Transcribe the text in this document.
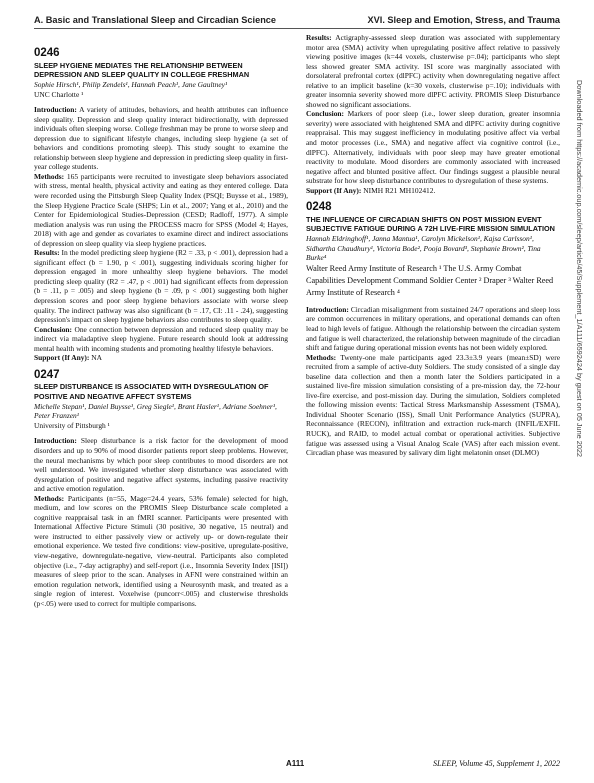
A. Basic and Translational Sleep and Circadian Science	XVI. Sleep and Emotion, Stress, and Trauma
0246
SLEEP HYGIENE MEDIATES THE RELATIONSHIP BETWEEN DEPRESSION AND SLEEP QUALITY IN COLLEGE FRESHMAN
Sophie Hirsch¹, Philip Zendels¹, Hannah Peach¹, Jane Gaultney¹
UNC Charlotte ¹

Introduction: A variety of attitudes, behaviors, and health attributes can influence sleep quality. Depression and sleep quality interact bidirectionally, with depressed individuals often sleeping worse. College freshman may be prone to worse sleep and depression due to significant lifestyle changes, including sleep hygiene (a set of behaviors and conditions promoting sleep). This study sought to examine the relationship between sleep hygiene and depression in predicting sleep quality in first-year college students.

Methods: 165 participants were recruited to investigate sleep behaviors associated with stress, mental health, physical activity and eating as they entered college. Data were recorded using the Pittsburgh Sleep Quality Index (PSQI; Buysse et al., 1989), the Sleep Hygiene Practice Scale (SHPS; Lin et al., 2007; Yang et al., 2010) and the Center for Epidemiological Studies-Depression (CESD; Radloff, 1977). A simple mediation analysis was run using the PROCESS macro for SPSS (Model 4; Hayes, 2018) with age and gender as covariates to examine direct and indirect associations of depression on sleep quality via sleep hygiene practices.

Results: In the model predicting sleep hygiene (R2 = .33, p < .001), depression had a significant effect (b = 1.90, p < .001), suggesting individuals scoring higher for depression engaged in more unhealthy sleep hygiene behaviors. The model predicting sleep quality (R2 = .47, p < .001) had significant effects from depression (b = .11, p = .005) and sleep hygiene (b = .09, p < .001) suggesting both higher depression scores and poor sleep hygiene behaviors associate with worse sleep quality. The indirect pathway was also significant (b = .17, CI: .11 - .24), suggesting depression's impact on sleep hygiene behaviors also contributes to sleep quality.

Conclusion: One connection between depression and reduced sleep quality may be indirect via maladaptive sleep hygiene. Future research should look at addressing mental health with incoming students and promoting healthy lifestyle behaviors.

Support (If Any): NA

0247
SLEEP DISTURBANCE IS ASSOCIATED WITH DYSREGULATION OF POSITIVE AND NEGATIVE AFFECT SYSTEMS
Michelle Stepan¹, Daniel Buysse¹, Greg Siegle¹, Brant Hasler¹, Adriane Soehner¹, Peter Franzen¹
University of Pittsburgh ¹

Introduction: Sleep disturbance is a risk factor for the development of mood disorders and up to 90% of mood disorder patients report sleep problems. However, the neural mechanisms by which poor sleep contributes to mood disorders are not well understood. We investigated whether sleep disturbance was associated with dysregulation of positive and negative affect systems, including passive reactivity and active emotion regulation.

Methods: Participants (n=55, Mage=24.4 years, 53% female) selected for high, medium, and low scores on the PROMIS Sleep Disturbance scale completed a cognitive reappraisal task in an fMRI scanner. Participants were presented with International Affective Picture Stimuli (30 positive, 30 negative, 15 neutral) and were instructed to either passively view or actively up- or down-regulate their emotional experience. We tested five conditions: view-positive, upregulate-positive, view-negative, downregulate-negative, view-neutral. Participants also completed objective (i.e., 7-day actigraphy) and self-report (i.e., Insomnia Severity Index [ISI]) measures of sleep prior to the scan. Analyses in AFNI were constrained within an emotion regulation network, identified using a Neurosynth mask, and treated as a single region of interest. Voxelwise (puncorr<.005) and clusterwise thresholds (p<.05) were used to correct for multiple comparisons.

Results: Actigraphy-assessed sleep duration was associated with supplementary motor area (SMA) activity when upregulating positive affect relative to passively viewing positive images (k=44 voxels, clusterwise p=.04); participants who slept less showed greater SMA activity. ISI score was marginally associated with dorsolateral prefrontal cortex (dlPFC) activity when downregulating negative affect relative to an implicit baseline (k=30 voxels, clusterwise p=.10); individuals with greater insomnia severity showed more dlPFC activity. PROMIS Sleep Disturbance showed no significant associations.

Conclusion: Markers of poor sleep (i.e., lower sleep duration, greater insomnia severity) were associated with heightened SMA and dlPFC activity during cognitive reappraisal. This may suggest inefficiency in modulating positive affect via verbal and motor processes (i.e., SMA) and negative affect via cognitive control (i.e., dlPFC). Alternatively, individuals with poor sleep may have greater emotional reactivity to modulate. Mood disorders are commonly associated with increased negative affect and blunted positive affect. Our findings suggest a plausible neural substrate for how sleep disturbance contributes to dysregulation of these systems.

Support (If Any): NIMH R21 MH102412.

0248
THE INFLUENCE OF CIRCADIAN SHIFTS ON POST MISSION EVENT SUBJECTIVE FATIGUE DURING A 72H LIVE-FIRE MISSION SIMULATION
Hannah Eldringhoff¹, Janna Mantua¹, Carolyn Mickelson¹, Kajsa Carlsson¹, Sidhartha Chaudhury¹, Victoria Bode², Pooja Bovard³, Stephanie Brown², Tina Burke⁴
Walter Reed Army Institute of Research ¹ The U.S. Army Combat Capabilities Development Command Soldier Center ² Draper ³ Walter Reed Army Institute of Research ⁴

Introduction: Circadian misalignment from sustained 24/7 operations and sleep loss are common occurrences in military operations, and operational demands can often lead to high levels of fatigue. Although the relationship between the circadian system and fatigue is well characterized, the relationship between magnitude of the circadian shift and fatigue during operational mission events has not been widely explored.

Methods: Twenty-one male participants aged 23.3±3.9 years (mean±SD) were recruited from a sample of active-duty Soldiers. The study consisted of a single day baseline data collection and then a month later the Soldiers participated in a sustained live-fire mission simulation consisting of a pre-mission day, the 72-hour live-fire exercise, and post-mission day. During the simulation, Soldiers completed the following mission events: Tactical Stress Marksmanship Assessment (TSMA), Individual Shooter Scenario (ISS), Small Unit Performance Analytics (SUPRA), Reconnaissance (RECON), infiltration and extraction ruck-march (INFIL/EXFIL RUCK), and RAID, to model actual combat or operational activities. Subjective fatigue was assessed using a Visual Analog Scale (VAS) after each mission event. Circadian phase was measured by salivary dim light melatonin onset (DLMO)	Downloaded from https://academic.oup.com/sleep/article/45/Supplement_1/A111/6592424 by guest on 05 June 2022
A111	SLEEP, Volume 45, Supplement 1, 2022
